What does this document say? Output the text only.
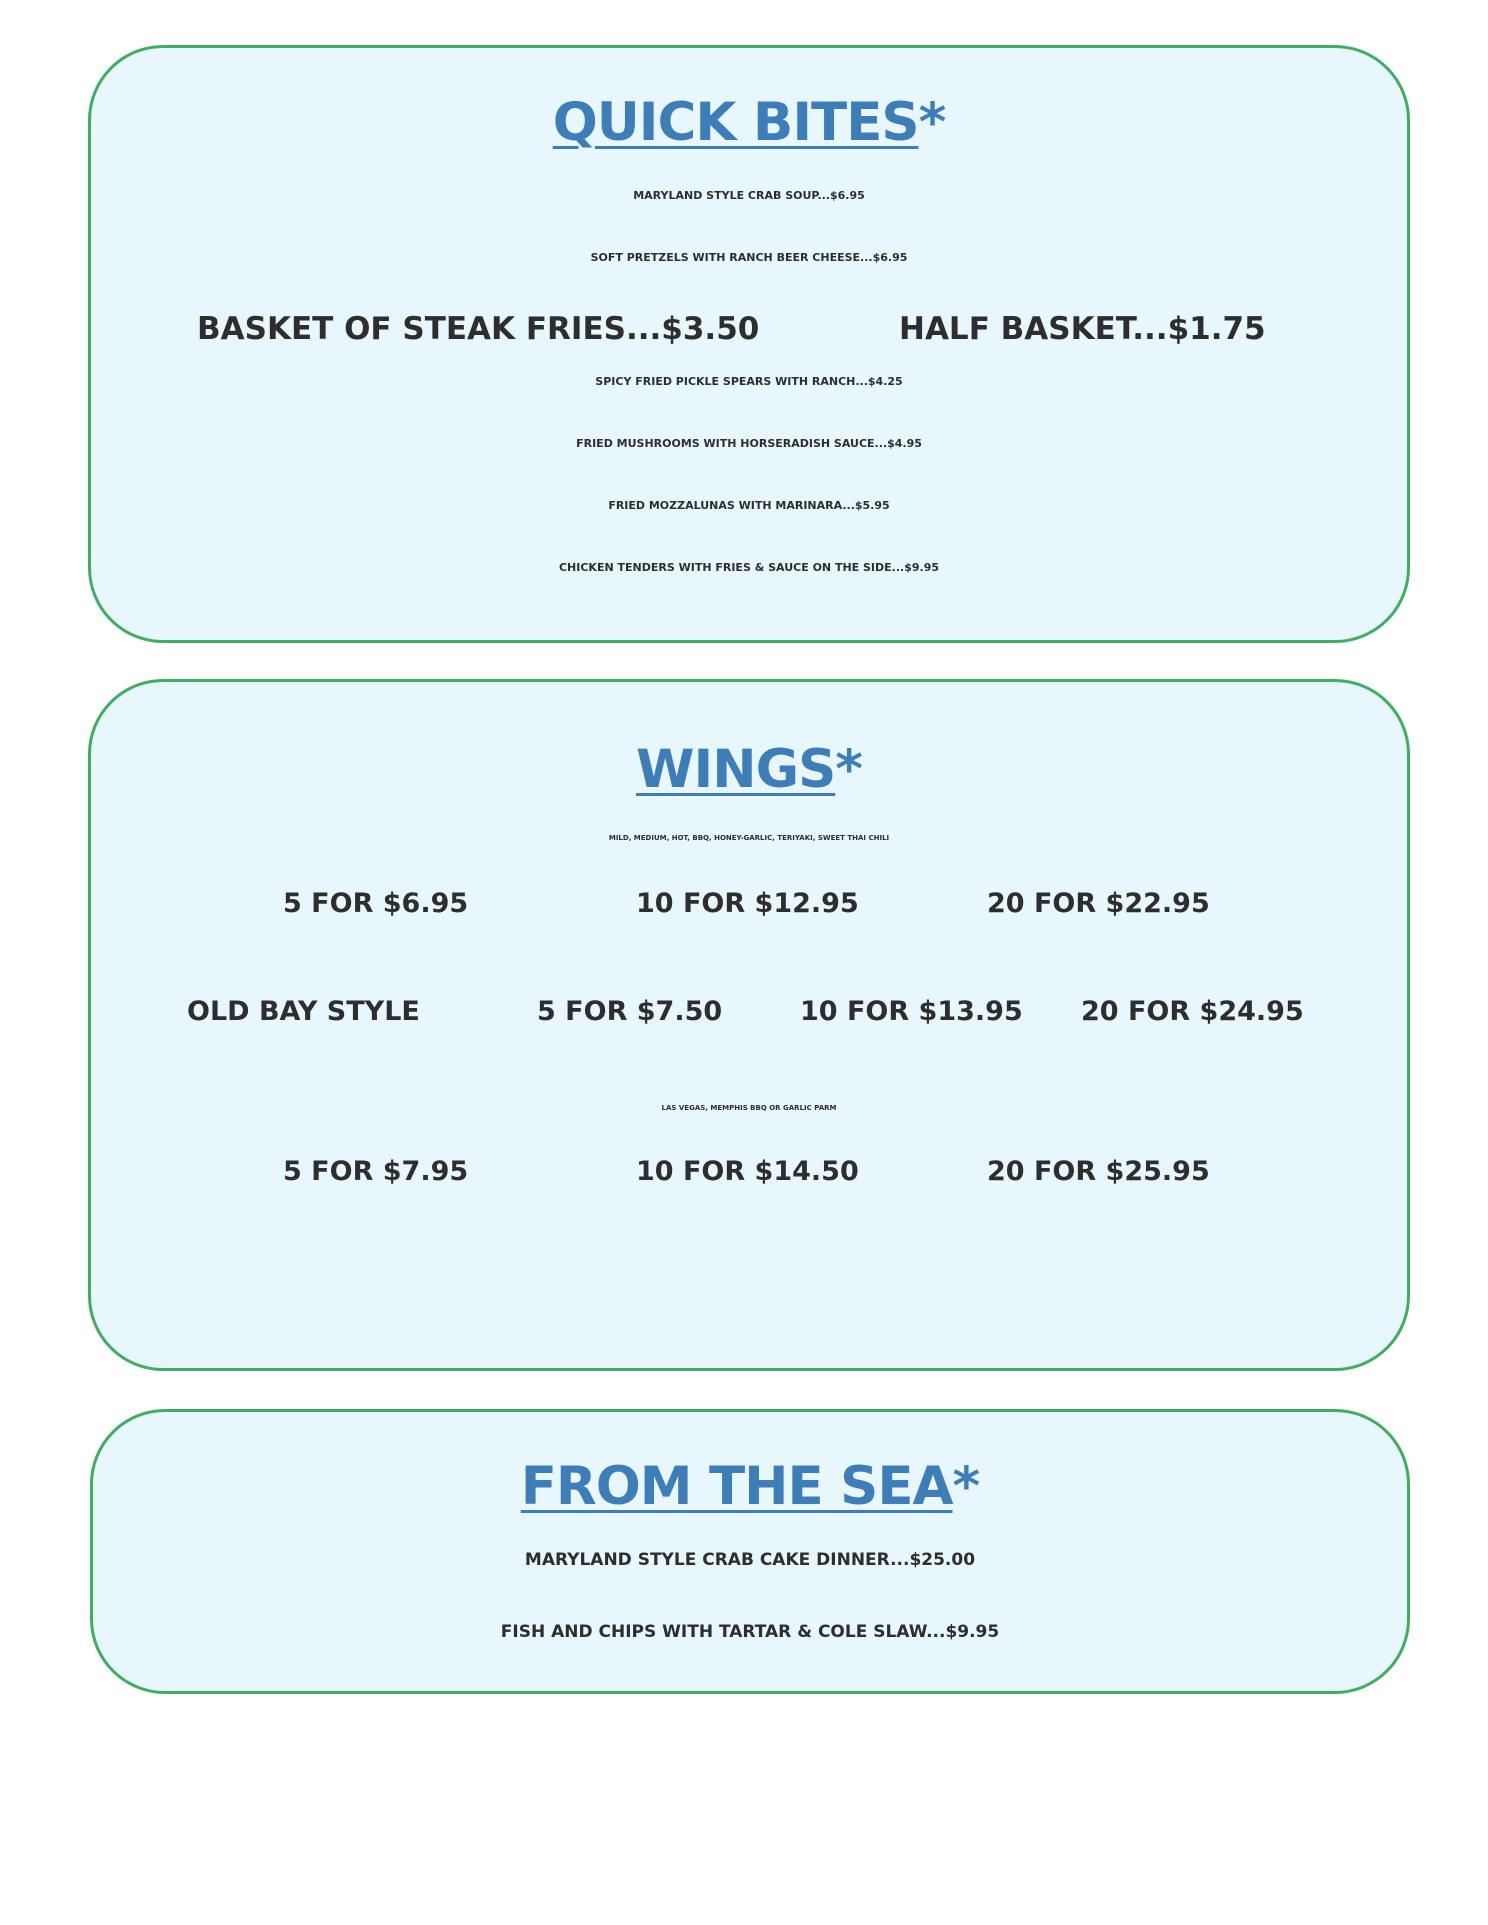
QUICK BITES*
MARYLAND STYLE CRAB SOUP...$6.95
SOFT PRETZELS WITH RANCH BEER CHEESE...$6.95
BASKET OF STEAK FRIES...$3.50	HALF BASKET...$1.75
SPICY FRIED PICKLE SPEARS WITH RANCH...$4.25
FRIED MUSHROOMS WITH HORSERADISH SAUCE...$4.95
FRIED MOZZALUNAS WITH MARINARA...$5.95
CHICKEN TENDERS WITH FRIES & SAUCE ON THE SIDE...$9.95
WINGS*
MILD, MEDIUM, HOT, BBQ, HONEY-GARLIC, TERIYAKI, SWEET THAI CHILI
5 FOR $6.95	10 FOR $12.95	20 FOR $22.95
OLD BAY STYLE	5 FOR $7.50	10 FOR $13.95 20 FOR $24.95
LAS VEGAS, MEMPHIS BBQ OR GARLIC PARM
5 FOR $7.95	10 FOR $14.50	20 FOR $25.95
FROM THE SEA*
MARYLAND STYLE CRAB CAKE DINNER...$25.00
FISH AND CHIPS WITH TARTAR & COLE SLAW...$9.95
